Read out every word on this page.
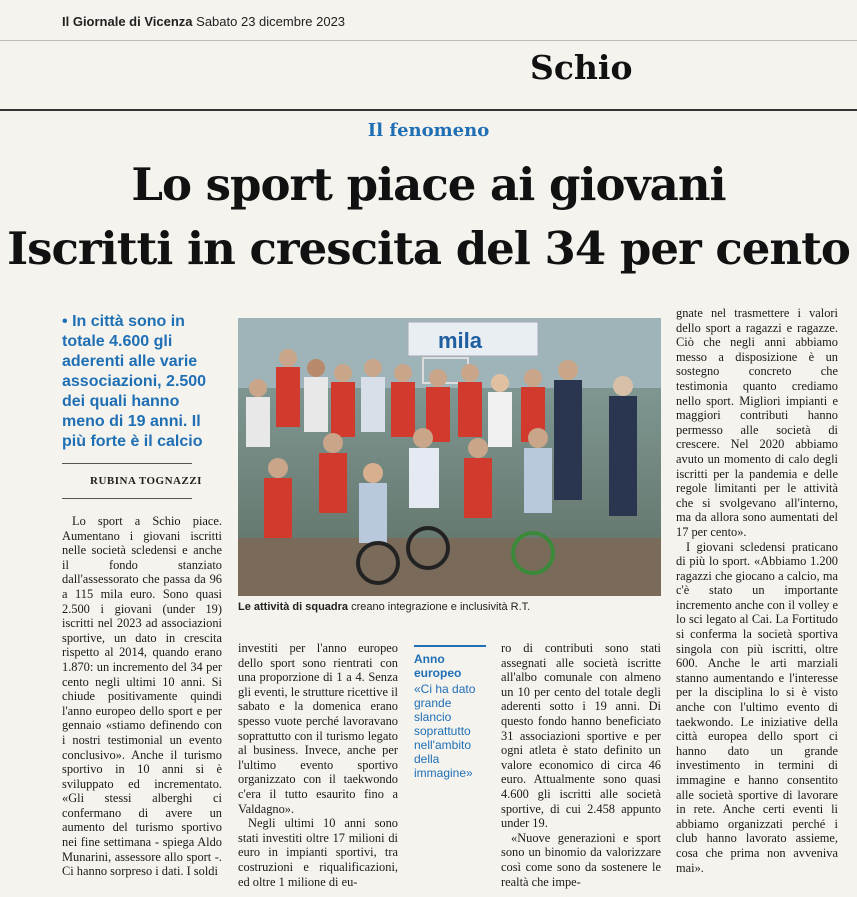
Il Giornale di Vicenza Sabato 23 dicembre 2023
Schio
Il fenomeno
Lo sport piace ai giovani
Iscritti in crescita del 34 per cento
• In città sono in totale 4.600 gli aderenti alle varie associazioni, 2.500 dei quali hanno meno di 19 anni. Il più forte è il calcio
RUBINA TOGNAZZI

Lo sport a Schio piace. Aumentano i giovani iscritti nelle società scledensi e anche il fondo stanziato dall'assessorato che passa da 96 a 115 mila euro. Sono quasi 2.500 i giovani (under 19) iscritti nel 2023 ad associazioni sportive, un dato in crescita rispetto al 2014, quando erano 1.870: un incremento del 34 per cento negli ultimi 10 anni. Si chiude positivamente quindi l'anno europeo dello sport e per gennaio «stiamo definendo con i nostri testimonial un evento conclusivo». Anche il turismo sportivo in 10 anni si è sviluppato ed incrementato. «Gli stessi alberghi ci confermano di avere un aumento del turismo sportivo nei fine settimana - spiega Aldo Munarini, assessore allo sport -. Ci hanno sorpreso i dati. I soldi

mila
Le attività di squadra creano integrazione e inclusività R.T.

investiti per l'anno europeo dello sport sono rientrati con una proporzione di 1 a 4. Senza gli eventi, le strutture ricettive il sabato e la domenica erano spesso vuote perché lavoravano soprattutto con il turismo legato al business. Invece, anche per l'ultimo evento sportivo organizzato con il taekwondo c'era il tutto esaurito fino a Valdagno».

Negli ultimi 10 anni sono stati investiti oltre 17 milioni di euro in impianti sportivi, tra costruzioni e riqualificazioni, ed oltre 1 milione di eu-

Anno europeo
«Ci ha dato grande slancio soprattutto nell'ambito della immagine»

ro di contributi sono stati assegnati alle società iscritte all'albo comunale con almeno un 10 per cento del totale degli aderenti sotto i 19 anni. Di questo fondo hanno beneficiato 31 associazioni sportive e per ogni atleta è stato definito un valore economico di circa 46 euro. Attualmente sono quasi 4.600 gli iscritti alle società sportive, di cui 2.458 appunto under 19.

«Nuove generazioni e sport sono un binomio da valorizzare così come sono da sostenere le realtà che impe-

gnate nel trasmettere i valori dello sport a ragazzi e ragazze. Ciò che negli anni abbiamo messo a disposizione è un sostegno concreto che testimonia quanto crediamo nello sport. Migliori impianti e maggiori contributi hanno permesso alle società di crescere. Nel 2020 abbiamo avuto un momento di calo degli iscritti per la pandemia e delle regole limitanti per le attività che si svolgevano all'interno, ma da allora sono aumentati del 17 per cento».

I giovani scledensi praticano di più lo sport. «Abbiamo 1.200 ragazzi che giocano a calcio, ma c'è stato un importante incremento anche con il volley e lo sci legato al Cai. La Fortitudo si conferma la società sportiva singola con più iscritti, oltre 600. Anche le arti marziali stanno aumentando e l'interesse per la disciplina lo si è visto anche con l'ultimo evento di taekwondo. Le iniziative della città europea dello sport ci hanno dato un grande investimento in termini di immagine e hanno consentito alle società sportive di lavorare in rete. Anche certi eventi li abbiamo organizzati perché i club hanno lavorato assieme, cosa che prima non avveniva mai».
